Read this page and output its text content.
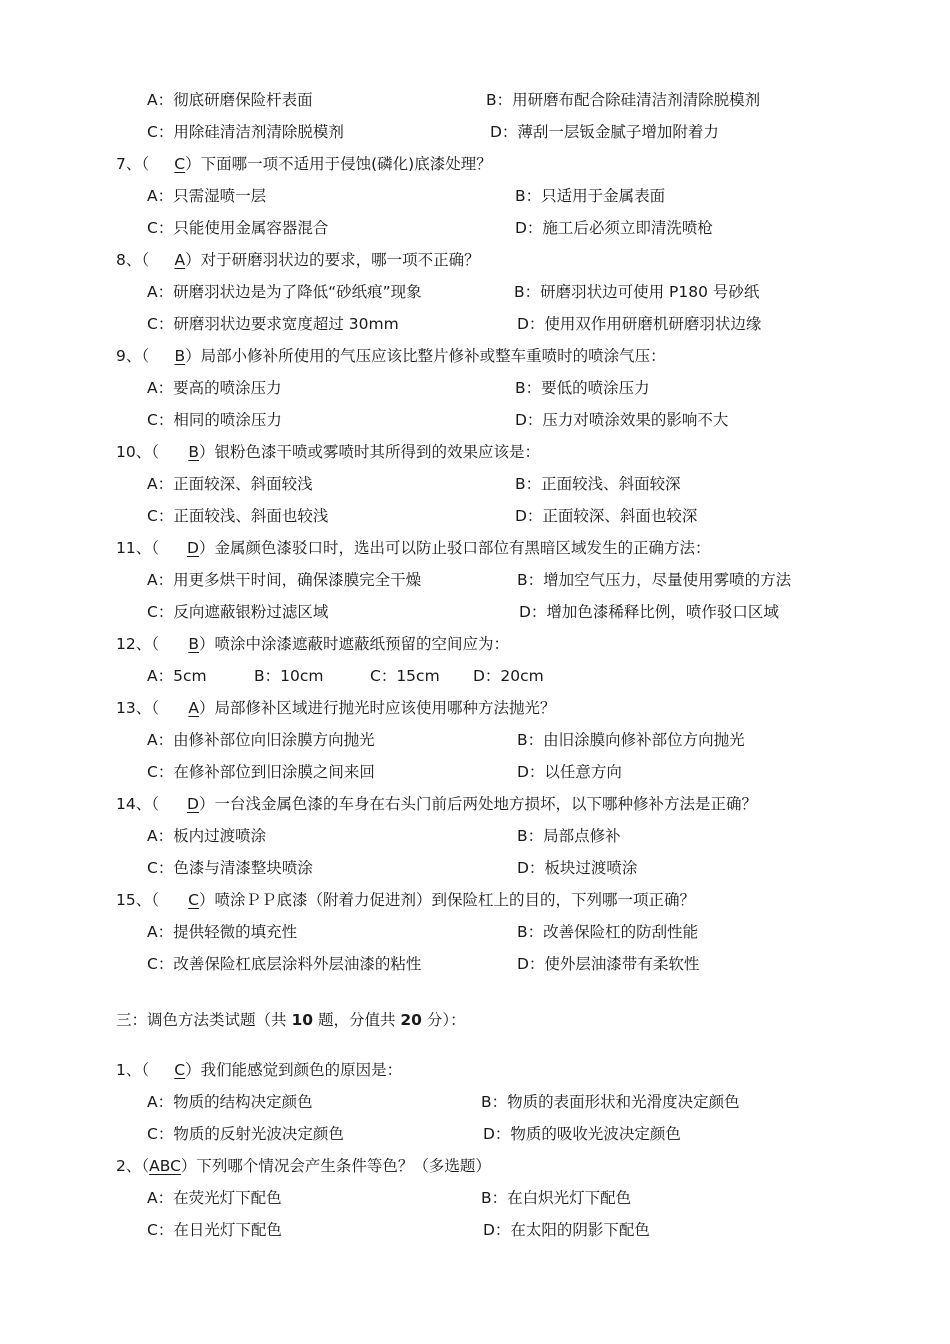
A：彻底研磨保险杆表面	B：用研磨布配合除硅清洁剂清除脱模剂
C：用除硅清洁剂清除脱模剂	D：薄刮一层钣金腻子增加附着力
7、（ C）下面哪一项不适用于侵蚀(磷化)底漆处理？
A：只需湿喷一层	B：只适用于金属表面
C：只能使用金属容器混合	D：施工后必须立即清洗喷枪
8、（ A）对于研磨羽状边的要求，哪一项不正确？
A：研磨羽状边是为了降低“砂纸痕”现象	B：研磨羽状边可使用 P180 号砂纸
C：研磨羽状边要求宽度超过 30mm	D：使用双作用研磨机研磨羽状边缘
9、（ B）局部小修补所使用的气压应该比整片修补或整车重喷时的喷涂气压：
A：要高的喷涂压力	B：要低的喷涂压力
C：相同的喷涂压力	D：压力对喷涂效果的影响不大
10、（ B）银粉色漆干喷或雾喷时其所得到的效果应该是：
A：正面较深、斜面较浅	B：正面较浅、斜面较深
C：正面较浅、斜面也较浅	D：正面较深、斜面也较深
11、（ D）金属颜色漆驳口时，选出可以防止驳口部位有黑暗区域发生的正确方法：
A：用更多烘干时间，确保漆膜完全干燥	B：增加空气压力，尽量使用雾喷的方法
C：反向遮蔽银粉过滤区域	D：增加色漆稀释比例，喷作驳口区域
12、（ B）喷涂中涂漆遮蔽时遮蔽纸预留的空间应为：
A：5cm	B：10cm	C：15cm D：20cm
13、（ A）局部修补区域进行抛光时应该使用哪种方法抛光？
A：由修补部位向旧涂膜方向抛光	B：由旧涂膜向修补部位方向抛光
C：在修补部位到旧涂膜之间来回	D：以任意方向
14、（ D）一台浅金属色漆的车身在右头门前后两处地方损坏，以下哪种修补方法是正确？
A：板内过渡喷涂	B：局部点修补
C：色漆与清漆整块喷涂	D：板块过渡喷涂
15、（ C）喷涂ＰＰ底漆（附着力促进剂）到保险杠上的目的，下列哪一项正确？
A：提供轻微的填充性	B：改善保险杠的防刮性能
C：改善保险杠底层涂料外层油漆的粘性	D：使外层油漆带有柔软性
三：调色方法类试题（共 10 题，分值共 20 分）：
1、（ C）我们能感觉到颜色的原因是：
A：物质的结构决定颜色	B：物质的表面形状和光滑度决定颜色
C：物质的反射光波决定颜色	D：物质的吸收光波决定颜色
2、（ABC）下列哪个情况会产生条件等色？（多选题）
A：在荧光灯下配色	B：在白炽光灯下配色
C：在日光灯下配色	D：在太阳的阴影下配色
